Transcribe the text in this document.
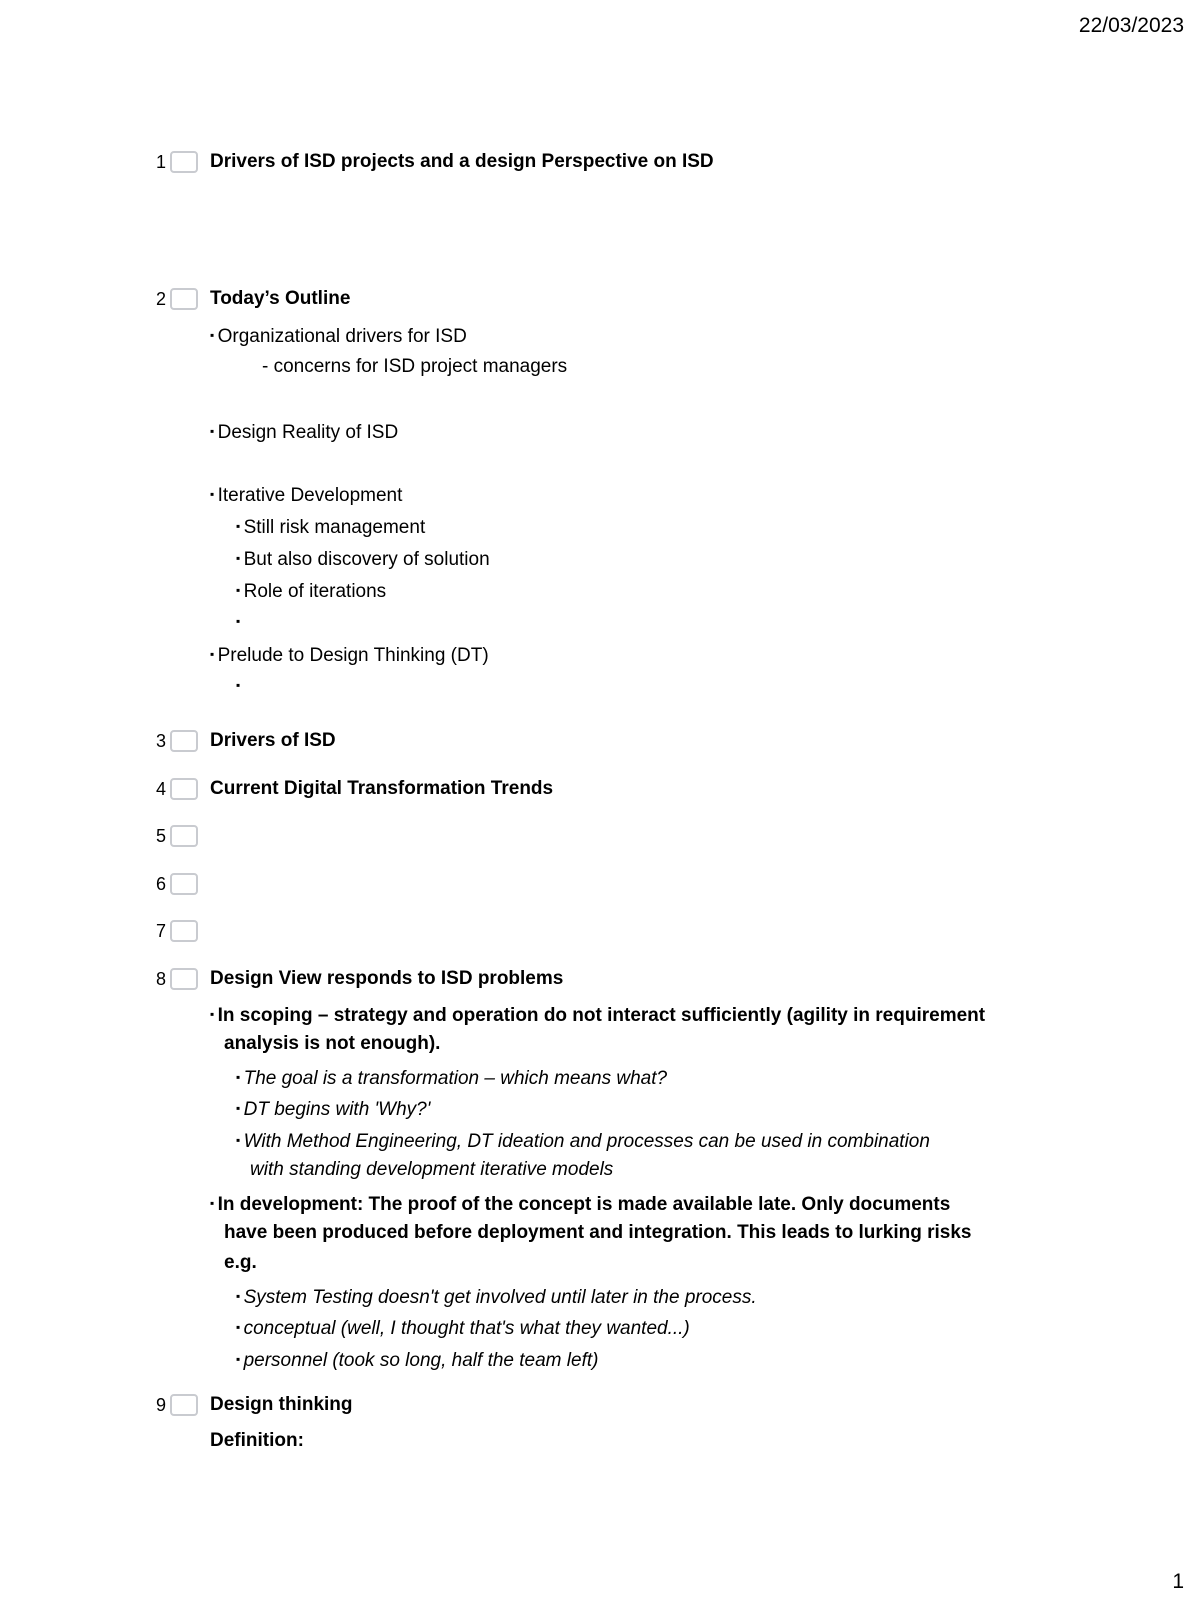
22/03/2023
1 Drivers of ISD projects and a design Perspective on ISD
2 Today’s Outline
▪ Organizational drivers for ISD
- concerns for ISD project managers
▪ Design Reality of ISD
▪ Iterative Development
▪ Still risk management
▪ But also discovery of solution
▪ Role of iterations
▪
▪ Prelude to Design Thinking (DT)
▪
3 Drivers of ISD
4 Current Digital Transformation Trends
5
6
7
8 Design View responds to ISD problems
▪ In scoping – strategy and operation do not interact sufficiently (agility in requirement
analysis is not enough).
▪ The goal is a transformation – which means what?
▪ DT begins with 'Why?'
▪ With Method Engineering, DT ideation and processes can be used in combination
with standing development iterative models
▪ In development: The proof of the concept is made available late. Only documents
have been produced before deployment and integration. This leads to lurking risks
e.g.
▪ System Testing doesn't get involved until later in the process.
▪ conceptual (well, I thought that's what they wanted...)
▪ personnel (took so long, half the team left)
9 Design thinking
Definition:
1
